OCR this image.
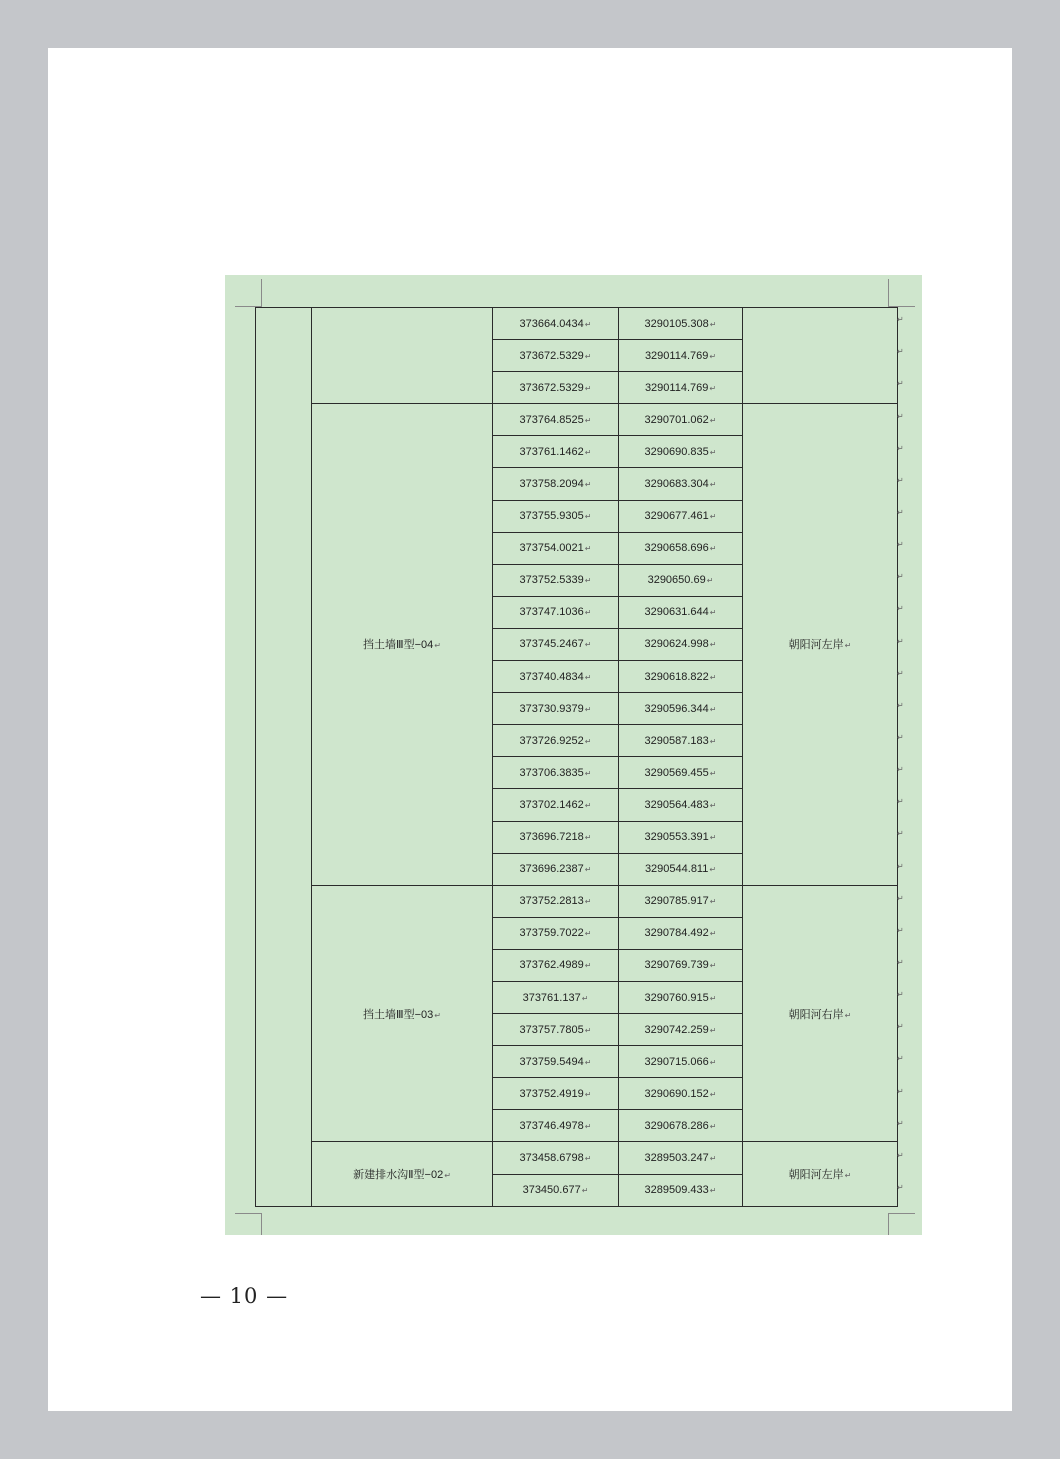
		373664.0434↵	3290105.308↵	
		373672.5329↵	3290114.769↵	
		373672.5329↵	3290114.769↵	
	挡土墙Ⅲ型−04↵	373764.8525↵	3290701.062↵	朝阳河左岸↵
		373761.1462↵	3290690.835↵	
		373758.2094↵	3290683.304↵	
		373755.9305↵	3290677.461↵	
		373754.0021↵	3290658.696↵	
		373752.5339↵	3290650.69↵	
		373747.1036↵	3290631.644↵	
		373745.2467↵	3290624.998↵	
		373740.4834↵	3290618.822↵	
		373730.9379↵	3290596.344↵	
		373726.9252↵	3290587.183↵	
		373706.3835↵	3290569.455↵	
		373702.1462↵	3290564.483↵	
		373696.7218↵	3290553.391↵	
		373696.2387↵	3290544.811↵	
	挡土墙Ⅲ型−03↵	373752.2813↵	3290785.917↵	朝阳河右岸↵
		373759.7022↵	3290784.492↵	
		373762.4989↵	3290769.739↵	
		373761.137↵	3290760.915↵	
		373757.7805↵	3290742.259↵	
		373759.5494↵	3290715.066↵	
		373752.4919↵	3290690.152↵	
		373746.4978↵	3290678.286↵	
	新建排水沟Ⅱ型−02↵	373458.6798↵	3289503.247↵	朝阳河左岸↵
		373450.677↵	3289509.433↵	
↵
↵
↵
↵
↵
↵
↵
↵
↵
↵
↵
↵
↵
↵
↵
↵
↵
↵
↵
↵
↵
↵
↵
↵
↵
↵
↵
↵
— 10 —
